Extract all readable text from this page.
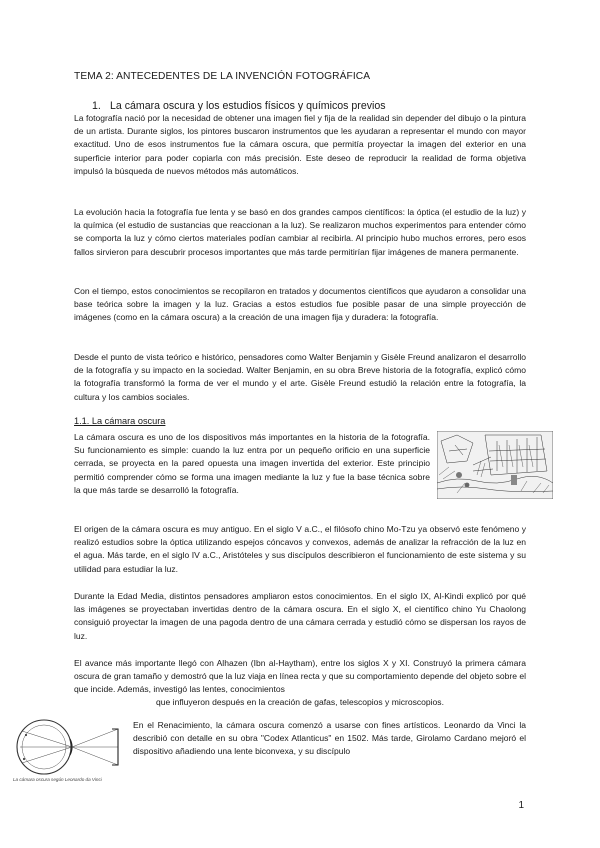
TEMA 2: ANTECEDENTES DE LA INVENCIÓN FOTOGRÁFICA
1. La cámara oscura y los estudios físicos y químicos previos

La fotografía nació por la necesidad de obtener una imagen fiel y fija de la realidad sin depender del dibujo o la pintura de un artista. Durante siglos, los pintores buscaron instrumentos que les ayudaran a representar el mundo con mayor exactitud. Uno de esos instrumentos fue la cámara oscura, que permitía proyectar la imagen del exterior en una superficie interior para poder copiarla con más precisión. Este deseo de reproducir la realidad de forma objetiva impulsó la búsqueda de nuevos métodos más automáticos.

La evolución hacia la fotografía fue lenta y se basó en dos grandes campos científicos: la óptica (el estudio de la luz) y la química (el estudio de sustancias que reaccionan a la luz). Se realizaron muchos experimentos para entender cómo se comporta la luz y cómo ciertos materiales podían cambiar al recibirla. Al principio hubo muchos errores, pero esos fallos sirvieron para descubrir procesos importantes que más tarde permitirían fijar imágenes de manera permanente.

Con el tiempo, estos conocimientos se recopilaron en tratados y documentos científicos que ayudaron a consolidar una base teórica sobre la imagen y la luz. Gracias a estos estudios fue posible pasar de una simple proyección de imágenes (como en la cámara oscura) a la creación de una imagen fija y duradera: la fotografía.

Desde el punto de vista teórico e histórico, pensadores como Walter Benjamin y Gisèle Freund analizaron el desarrollo de la fotografía y su impacto en la sociedad. Walter Benjamin, en su obra Breve historia de la fotografía, explicó cómo la fotografía transformó la forma de ver el mundo y el arte. Gisèle Freund estudió la relación entre la fotografía, la cultura y los cambios sociales.

1.1. La cámara oscura

La cámara oscura es uno de los dispositivos más importantes en la historia de la fotografía. Su funcionamiento es simple: cuando la luz entra por un pequeño orificio en una superficie cerrada, se proyecta en la pared opuesta una imagen invertida del exterior. Este principio permitió comprender cómo se forma una imagen mediante la luz y fue la base técnica sobre la que más tarde se desarrolló la fotografía.

El origen de la cámara oscura es muy antiguo. En el siglo V a.C., el filósofo chino Mo-Tzu ya observó este fenómeno y realizó estudios sobre la óptica utilizando espejos cóncavos y convexos, además de analizar la refracción de la luz en el agua. Más tarde, en el siglo IV a.C., Aristóteles y sus discípulos describieron el funcionamiento de este sistema y su utilidad para estudiar la luz.

Durante la Edad Media, distintos pensadores ampliaron estos conocimientos. En el siglo IX, Al-Kindi explicó por qué las imágenes se proyectaban invertidas dentro de la cámara oscura. En el siglo X, el científico chino Yu Chaolong consiguió proyectar la imagen de una pagoda dentro de una cámara cerrada y estudió cómo se dispersan los rayos de luz.

El avance más importante llegó con Alhazen (Ibn al-Haytham), entre los siglos X y XI. Construyó la primera cámara oscura de gran tamaño y demostró que la luz viaja en línea recta y que su comportamiento depende del objeto sobre el que incide. Además, investigó las lentes, conocimientos

que influyeron después en la creación de gafas, telescopios y microscopios.
La cámara oscura según Leonardo da Vinci

En el Renacimiento, la cámara oscura comenzó a usarse con fines artísticos. Leonardo da Vinci la describió con detalle en su obra "Codex Atlanticus" en 1502. Más tarde, Girolamo Cardano mejoró el dispositivo añadiendo una lente biconvexa, y su discípulo

1
